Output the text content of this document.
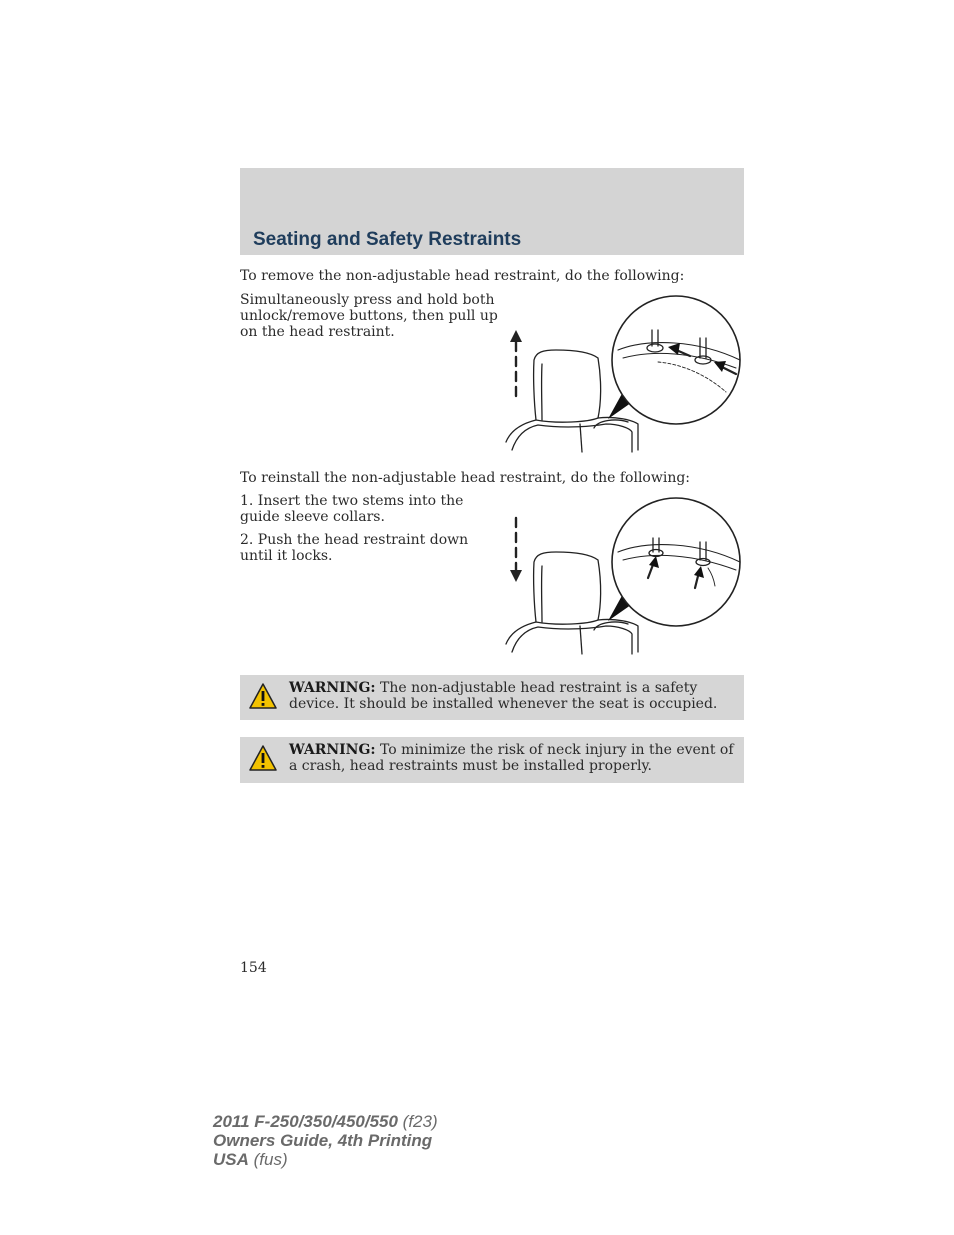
Seating and Safety Restraints

To remove the non-adjustable head restraint, do the following:

Simultaneously press and hold both unlock/remove buttons, then pull up on the head restraint.

To reinstall the non-adjustable head restraint, do the following:

1. Insert the two stems into the guide sleeve collars.

2. Push the head restraint down until it locks.

WARNING: The non-adjustable head restraint is a safety device. It should be installed whenever the seat is occupied.

WARNING: To minimize the risk of neck injury in the event of a crash, head restraints must be installed properly.

154

2011 F-250/350/450/550 (f23)
Owners Guide, 4th Printing
USA (fus)
